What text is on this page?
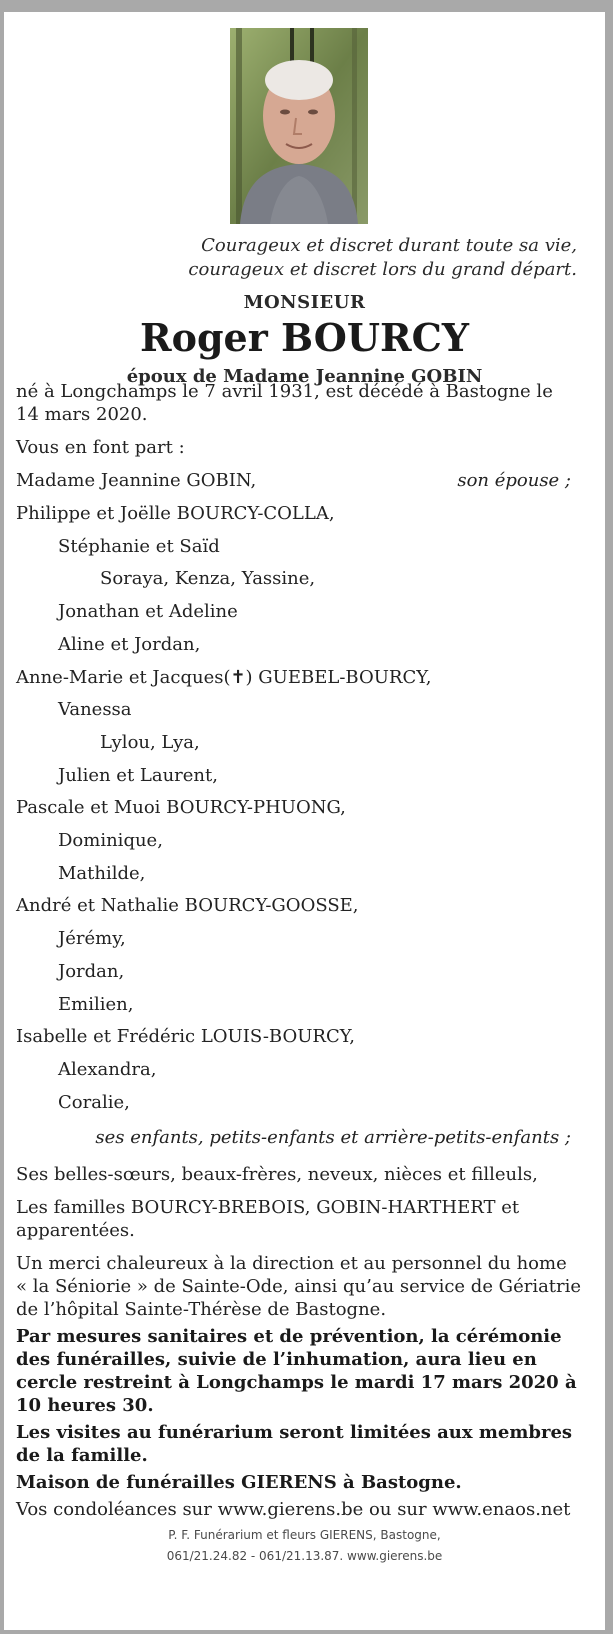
Courageux et discret durant toute sa vie,
courageux et discret lors du grand départ.
MONSIEUR
Roger BOURCY
époux de Madame Jeannine GOBIN
né à Longchamps le 7 avril 1931, est décédé à Bastogne le
14 mars 2020.
Vous en font part :
Madame Jeannine GOBIN,	son épouse ;
Philippe et Joëlle BOURCY-COLLA,
Stéphanie et Saïd
Soraya, Kenza, Yassine,
Jonathan et Adeline
Aline et Jordan,
Anne-Marie et Jacques(✝) GUEBEL-BOURCY,
Vanessa
Lylou, Lya,
Julien et Laurent,
Pascale et Muoi BOURCY-PHUONG,
Dominique,
Mathilde,
André et Nathalie BOURCY-GOOSSE,
Jérémy,
Jordan,
Emilien,
Isabelle et Frédéric LOUIS-BOURCY,
Alexandra,
Coralie,
ses enfants, petits-enfants et arrière-petits-enfants ;
Ses belles-sœurs, beaux-frères, neveux, nièces et filleuls,
Les familles BOURCY-BREBOIS, GOBIN-HARTHERT et
apparentées.
Un merci chaleureux à la direction et au personnel du home
« la Séniorie » de Sainte-Ode, ainsi qu’au service de Gériatrie
de l’hôpital Sainte-Thérèse de Bastogne.
Par mesures sanitaires et de prévention, la cérémonie
des funérailles, suivie de l’inhumation, aura lieu en
cercle restreint à Longchamps le mardi 17 mars 2020 à
10 heures 30.
Les visites au funérarium seront limitées aux membres
de la famille.
Maison de funérailles GIERENS à Bastogne.
Vos condoléances sur www.gierens.be ou sur www.enaos.net
P. F. Funérarium et fleurs GIERENS, Bastogne,
061/21.24.82 - 061/21.13.87. www.gierens.be
